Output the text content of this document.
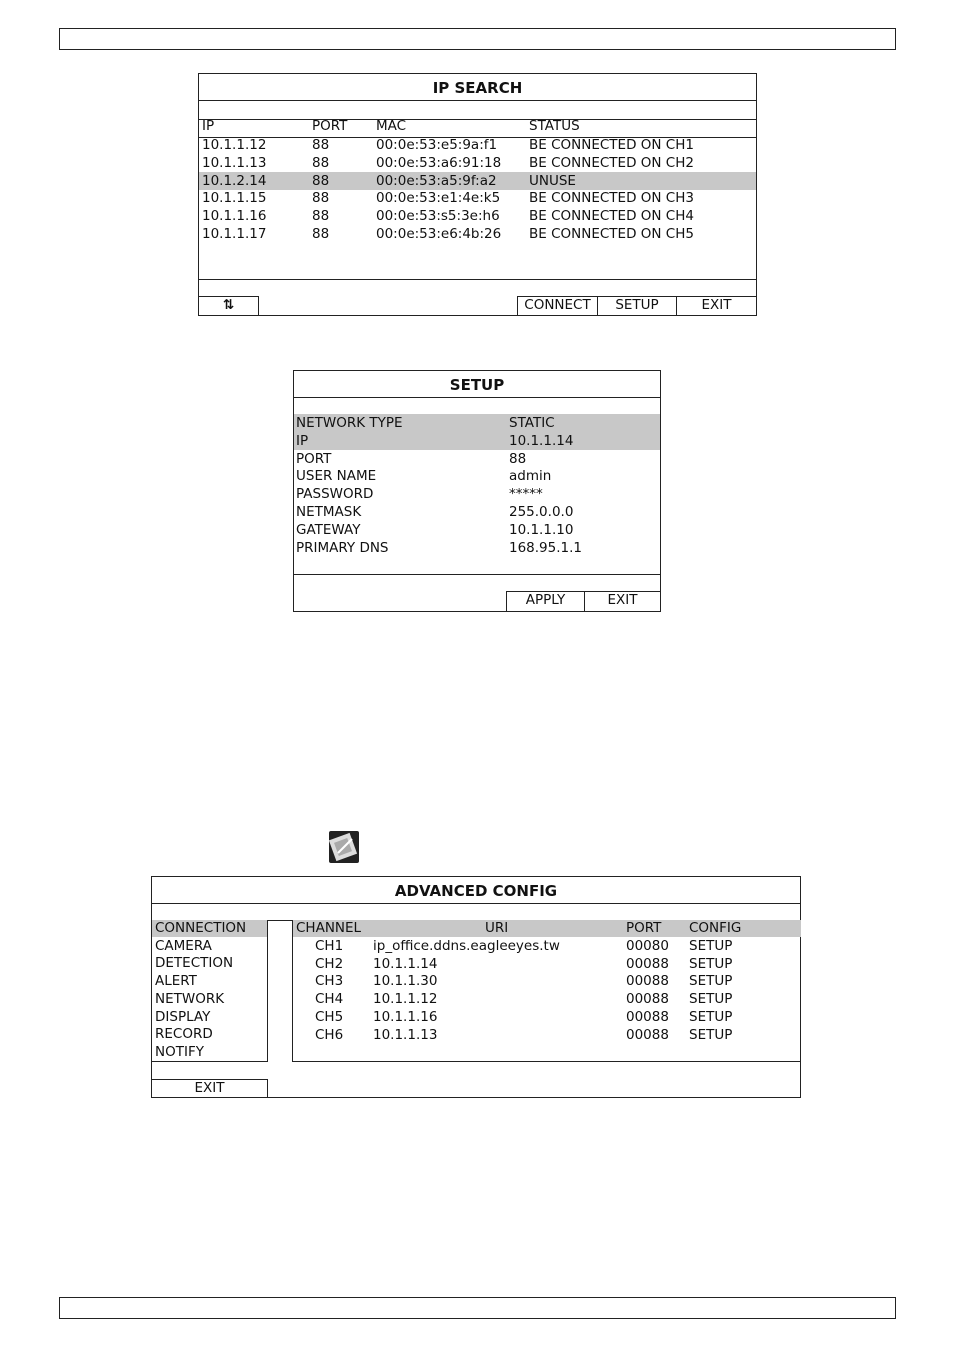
IP SEARCH
IP	PORT MAC	STATUS
10.1.1.12	88	00:0e:53:e5:9a:f1 BE CONNECTED ON CH1
10.1.1.13	88	00:0e:53:a6:91:18 BE CONNECTED ON CH2
10.1.2.14	88	00:0e:53:a5:9f:a2 UNUSE
10.1.1.15	88	00:0e:53:e1:4e:k5 BE CONNECTED ON CH3
10.1.1.16	88	00:0e:53:s5:3e:h6 BE CONNECTED ON CH4
10.1.1.17	88	00:0e:53:e6:4b:26 BE CONNECTED ON CH5
⇅	CONNECT	SETUP	EXIT
SETUP
NETWORK TYPE	STATIC
IP	10.1.1.14
PORT	88
USER NAME	admin
PASSWORD	*****
NETMASK	255.0.0.0
GATEWAY	10.1.1.10
PRIMARY DNS	168.95.1.1
APPLY	EXIT
ADVANCED CONFIG
CONNECTION
CAMERA
DETECTION
ALERT
NETWORK
DISPLAY
RECORD
NOTIFY
CHANNEL	URI	PORT CONFIG
CH1 ip_office.ddns.eagleeyes.tw	00080 SETUP
CH2 10.1.1.14	00088 SETUP
CH3 10.1.1.30	00088 SETUP
CH4 10.1.1.12	00088 SETUP
CH5 10.1.1.16	00088 SETUP
CH6 10.1.1.13	00088 SETUP
EXIT
